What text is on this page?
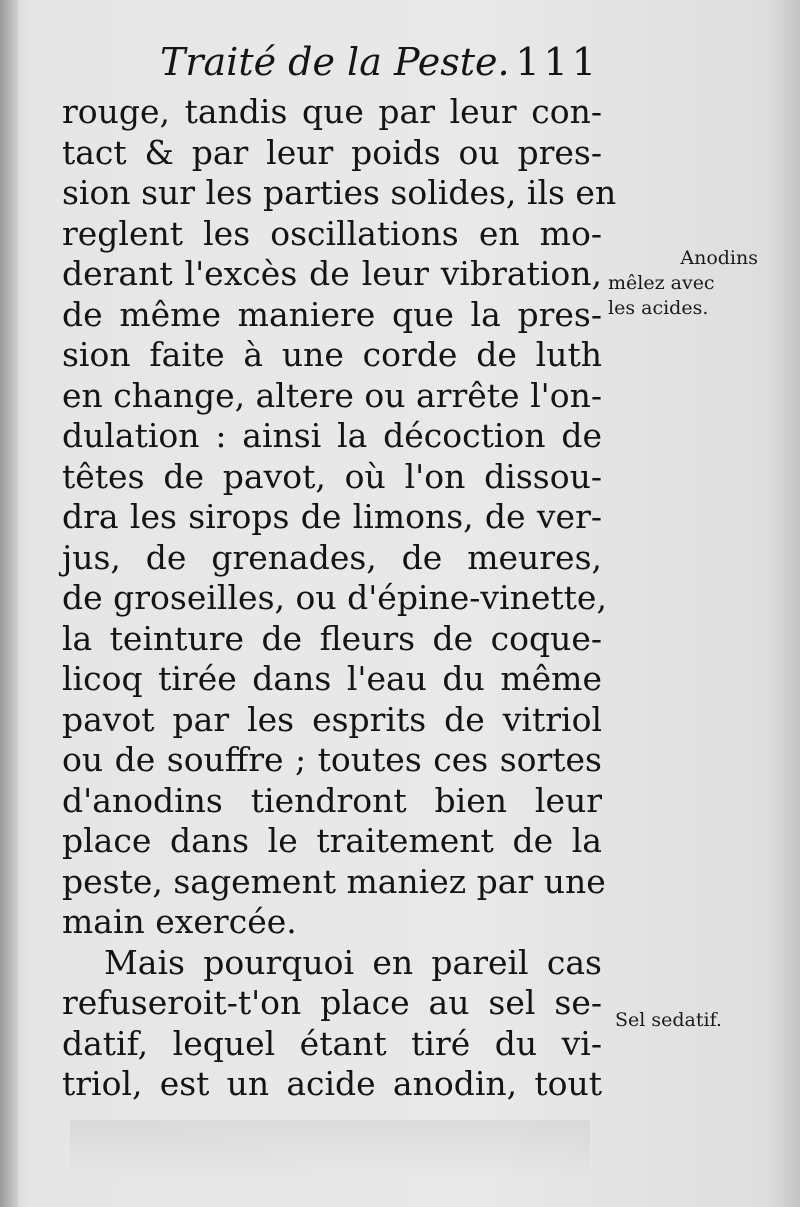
Traité de la Peste. 111
rouge, tandis que par leur con-
tact & par leur poids ou pres-
sion sur les parties solides, ils en
reglent les oscillations en mo-
derant l'excès de leur vibration,
de même maniere que la pres-
sion faite à une corde de luth
en change, altere ou arrête l'on-
dulation : ainsi la décoction de
têtes de pavot, où l'on dissou-
dra les sirops de limons, de ver-
jus, de grenades, de meures,
de groseilles, ou d'épine-vinette,
la teinture de fleurs de coque-
licoq tirée dans l'eau du même
pavot par les esprits de vitriol
ou de souffre ; toutes ces sortes
d'anodins tiendront bien leur
place dans le traitement de la
peste, sagement maniez par une
main exercée.
Mais pourquoi en pareil cas
refuseroit-t'on place au sel se-
datif, lequel étant tiré du vi-
triol, est un acide anodin, tout
Anodins
mêlez avec
les acides.
Sel sedatif.
